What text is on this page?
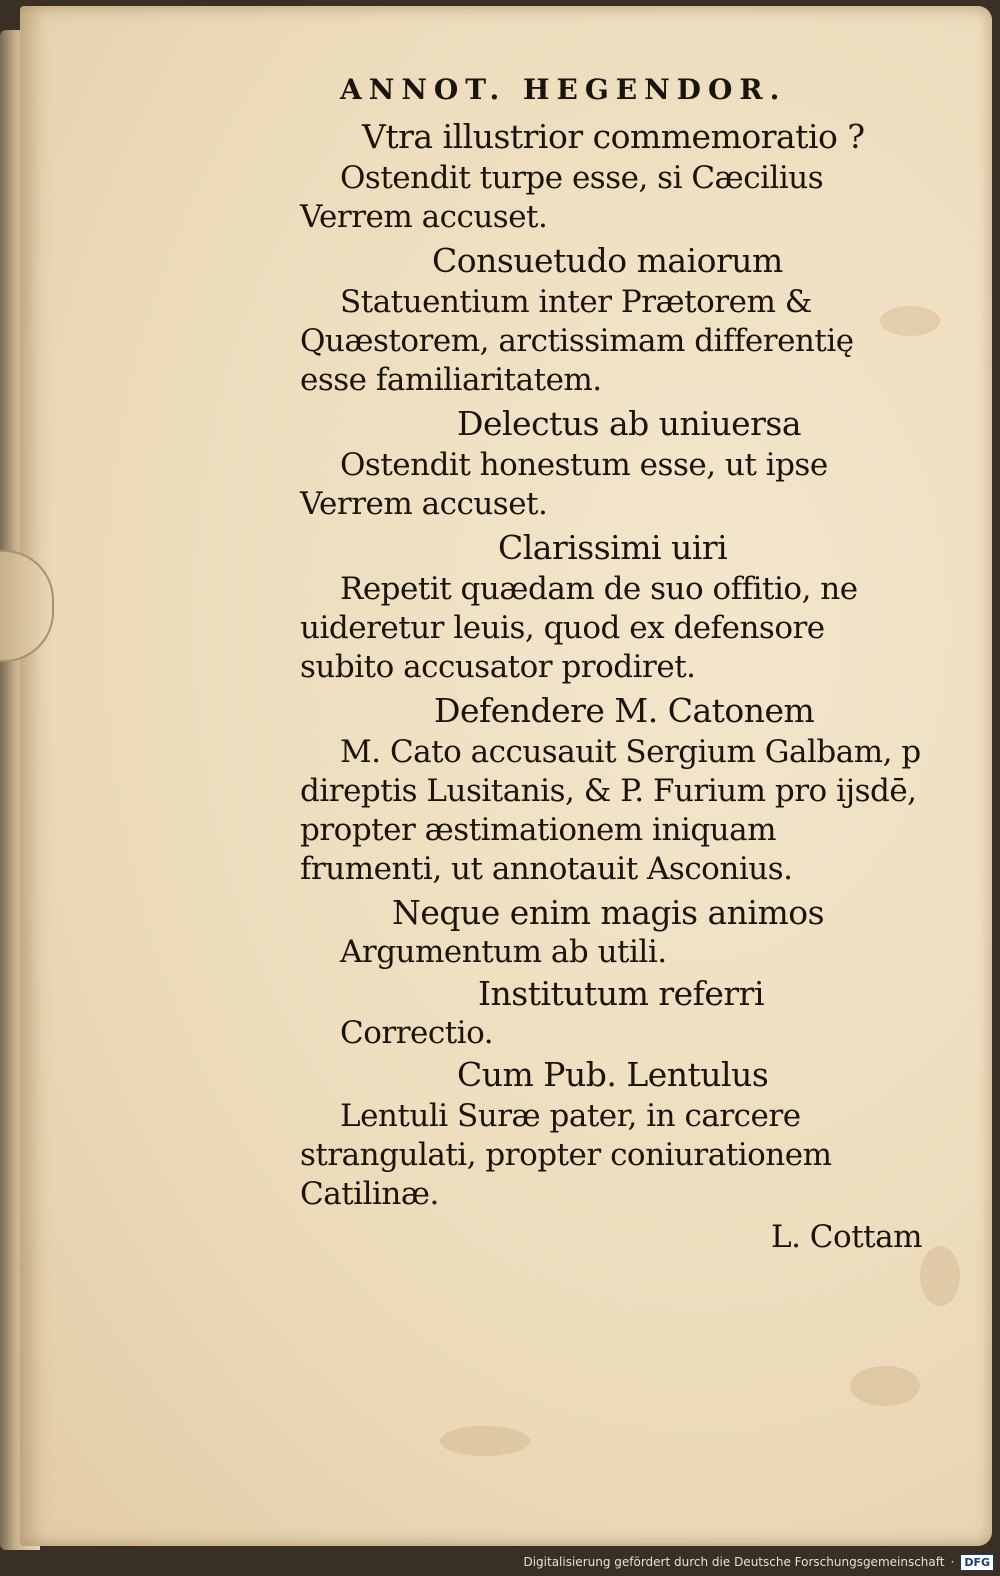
ANNOT. HEGENDOR.
Vtra illustrior commemoratio ?
Ostendit turpe esse, si Cæcilius Verrem accuset.
Consuetudo maiorum
Statuentium inter Prætorem & Quæstorem, arctissimam differentię esse familiaritatem.
Delectus ab uniuersa
Ostendit honestum esse, ut ipse Verrem accuset.
Clarissimi uiri
Repetit quædam de suo offitio, ne uideretur leuis, quod ex defensore subito accusator prodiret.
Defendere M. Catonem
M. Cato accusauit Sergium Galbam, p direptis Lusitanis, & P. Furium pro ijsdē, propter æstimationem iniquam frumenti, ut annotauit Asconius.
Neque enim magis animos
Argumentum ab utili.
Institutum referri
Correctio.
Cum Pub. Lentulus
Lentuli Suræ pater, in carcere strangulati, propter coniurationem Catilinæ.
L. Cottam
Digitalisierung gefördert durch die Deutsche Forschungsgemeinschaft · DFG
